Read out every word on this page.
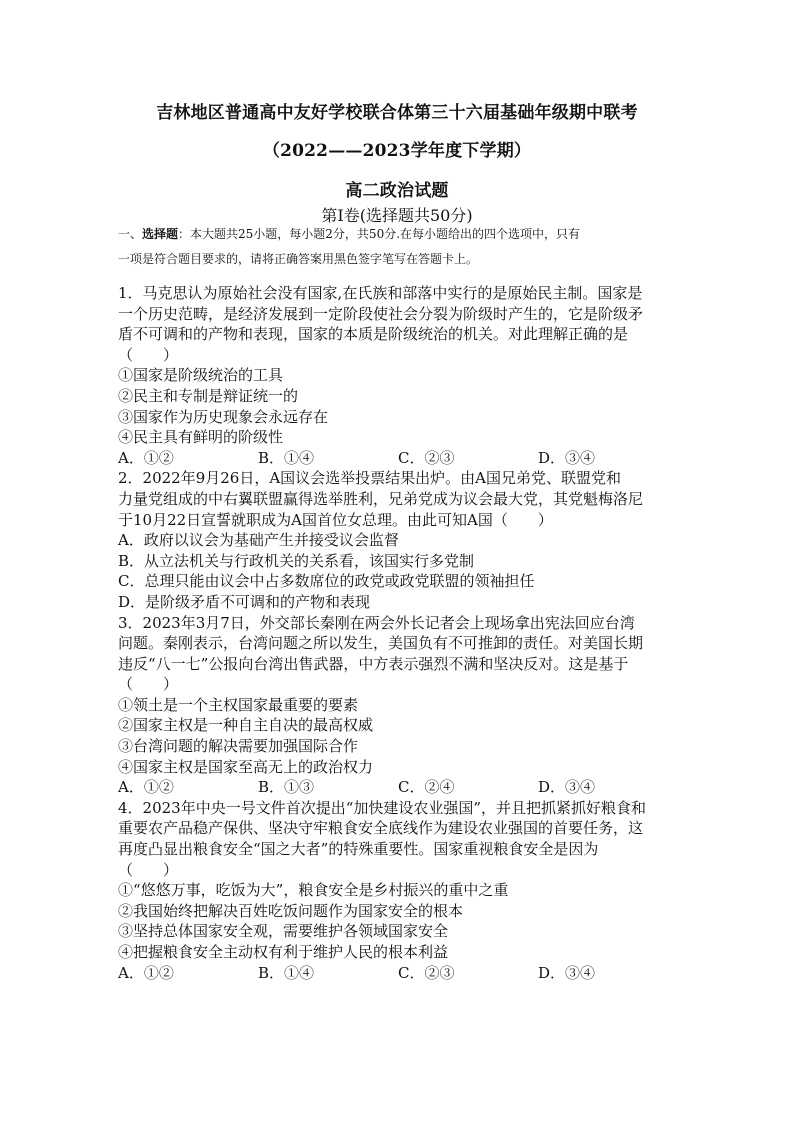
吉林地区普通高中友好学校联合体第三十六届基础年级期中联考
（2022——2023学年度下学期）
高二政治试题
第Ⅰ卷(选择题共50分)
一、选择题：本大题共25小题，每小题2分，共50分.在每小题给出的四个选项中，只有
一项是符合题目要求的，请将正确答案用黑色签字笔写在答题卡上。
1．马克思认为原始社会没有国家,在氏族和部落中实行的是原始民主制。国家是
一个历史范畴，是经济发展到一定阶段使社会分裂为阶级时产生的，它是阶级矛
盾不可调和的产物和表现，国家的本质是阶级统治的机关。对此理解正确的是
（　　）
①国家是阶级统治的工具
②民主和专制是辩证统一的
③国家作为历史现象会永远存在
④民主具有鲜明的阶级性
A．①②	B．①④	C．②③	D．③④
2．2022年9月26日，A国议会选举投票结果出炉。由A国兄弟党、联盟党和
力量党组成的中右翼联盟赢得选举胜利，兄弟党成为议会最大党，其党魁梅洛尼
于10月22日宣誓就职成为A国首位女总理。由此可知A国（　　）
A．政府以议会为基础产生并接受议会监督
B．从立法机关与行政机关的关系看，该国实行多党制
C．总理只能由议会中占多数席位的政党或政党联盟的领袖担任
D．是阶级矛盾不可调和的产物和表现
3．2023年3月7日，外交部长秦刚在两会外长记者会上现场拿出宪法回应台湾
问题。秦刚表示，台湾问题之所以发生，美国负有不可推卸的责任。对美国长期
违反“八一七”公报向台湾出售武器，中方表示强烈不满和坚决反对。这是基于
（　　）
①领土是一个主权国家最重要的要素
②国家主权是一种自主自决的最高权威
③台湾问题的解决需要加强国际合作
④国家主权是国家至高无上的政治权力
A．①②	B．①③	C．②④	D．③④
4．2023年中央一号文件首次提出“加快建设农业强国”，并且把抓紧抓好粮食和
重要农产品稳产保供、坚决守牢粮食安全底线作为建设农业强国的首要任务，这
再度凸显出粮食安全“国之大者”的特殊重要性。国家重视粮食安全是因为
（　　）
①“悠悠万事，吃饭为大”，粮食安全是乡村振兴的重中之重
②我国始终把解决百姓吃饭问题作为国家安全的根本
③坚持总体国家安全观，需要维护各领域国家安全
④把握粮食安全主动权有利于维护人民的根本利益
A．①②	B．①④	C．②③	D．③④
